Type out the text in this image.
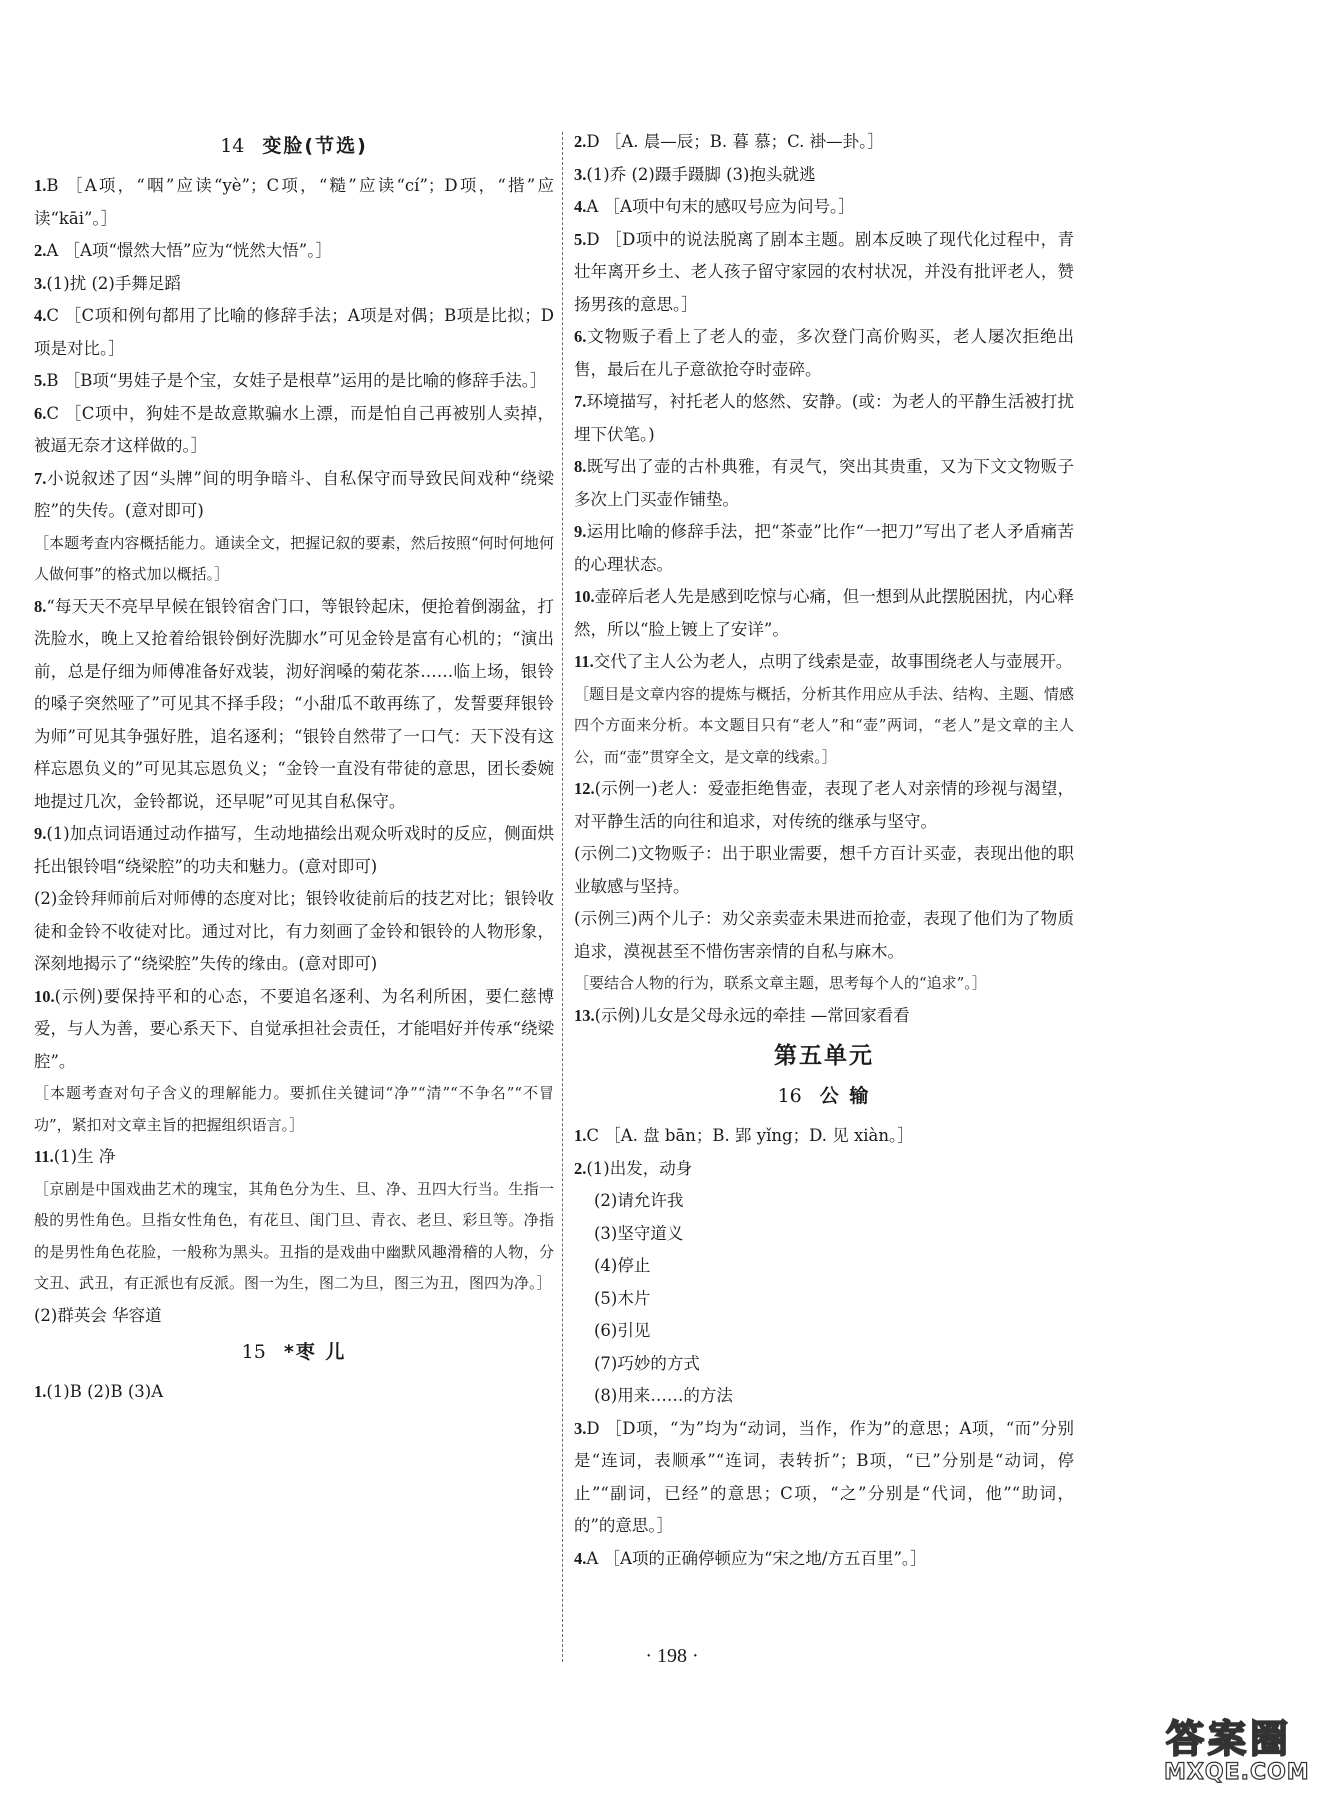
14 变脸(节选)
1.B ［A项，“咽”应读“yè”；C项，“糙”应读“cí”；D项，“揩”应读“kāi”。］
2.A ［A项“憬然大悟”应为“恍然大悟”。］
3.(1)扰 (2)手舞足蹈
4.C ［C项和例句都用了比喻的修辞手法；A项是对偶；B项是比拟；D项是对比。］
5.B ［B项“男娃子是个宝，女娃子是根草”运用的是比喻的修辞手法。］
6.C ［C项中，狗娃不是故意欺骗水上漂，而是怕自己再被别人卖掉，被逼无奈才这样做的。］
7.小说叙述了因“头牌”间的明争暗斗、自私保守而导致民间戏种“绕梁腔”的失传。(意对即可)
［本题考查内容概括能力。通读全文，把握记叙的要素，然后按照“何时何地何人做何事”的格式加以概括。］
8.“每天天不亮早早候在银铃宿舍门口，等银铃起床，便抢着倒溺盆，打洗脸水，晚上又抢着给银铃倒好洗脚水”可见金铃是富有心机的；“演出前，总是仔细为师傅准备好戏装，沏好润嗓的菊花茶……临上场，银铃的嗓子突然哑了”可见其不择手段；“小甜瓜不敢再练了，发誓要拜银铃为师”可见其争强好胜，追名逐利；“银铃自然带了一口气：天下没有这样忘恩负义的”可见其忘恩负义；“金铃一直没有带徒的意思，团长委婉地提过几次，金铃都说，还早呢”可见其自私保守。
9.(1)加点词语通过动作描写，生动地描绘出观众听戏时的反应，侧面烘托出银铃唱“绕梁腔”的功夫和魅力。(意对即可)
(2)金铃拜师前后对师傅的态度对比；银铃收徒前后的技艺对比；银铃收徒和金铃不收徒对比。通过对比，有力刻画了金铃和银铃的人物形象，深刻地揭示了“绕梁腔”失传的缘由。(意对即可)
10.(示例)要保持平和的心态，不要追名逐利、为名利所困，要仁慈博爱，与人为善，要心系天下、自觉承担社会责任，才能唱好并传承“绕梁腔”。
［本题考查对句子含义的理解能力。要抓住关键词“净”“清”“不争名”“不冒功”，紧扣对文章主旨的把握组织语言。］
11.(1)生 净
［京剧是中国戏曲艺术的瑰宝，其角色分为生、旦、净、丑四大行当。生指一般的男性角色。旦指女性角色，有花旦、闺门旦、青衣、老旦、彩旦等。净指的是男性角色花脸，一般称为黑头。丑指的是戏曲中幽默风趣滑稽的人物，分文丑、武丑，有正派也有反派。图一为生，图二为旦，图三为丑，图四为净。］
(2)群英会 华容道
15 *枣 儿
1.(1)B (2)B (3)A
2.D ［A. 晨—辰；B. 暮 慕；C. 褂—卦。］
3.(1)乔 (2)蹑手蹑脚 (3)抱头就逃
4.A ［A项中句末的感叹号应为问号。］
5.D ［D项中的说法脱离了剧本主题。剧本反映了现代化过程中，青壮年离开乡土、老人孩子留守家园的农村状况，并没有批评老人，赞扬男孩的意思。］
6.文物贩子看上了老人的壶，多次登门高价购买，老人屡次拒绝出售，最后在儿子意欲抢夺时壶碎。
7.环境描写，衬托老人的悠然、安静。(或：为老人的平静生活被打扰埋下伏笔。)
8.既写出了壶的古朴典雅，有灵气，突出其贵重，又为下文文物贩子多次上门买壶作铺垫。
9.运用比喻的修辞手法，把“茶壶”比作“一把刀”写出了老人矛盾痛苦的心理状态。
10.壶碎后老人先是感到吃惊与心痛，但一想到从此摆脱困扰，内心释然，所以“脸上镀上了安详”。
11.交代了主人公为老人，点明了线索是壶，故事围绕老人与壶展开。
［题目是文章内容的提炼与概括，分析其作用应从手法、结构、主题、情感四个方面来分析。本文题目只有“老人”和“壶”两词，“老人”是文章的主人公，而“壶”贯穿全文，是文章的线索。］
12.(示例一)老人：爱壶拒绝售壶，表现了老人对亲情的珍视与渴望，对平静生活的向往和追求，对传统的继承与坚守。
(示例二)文物贩子：出于职业需要，想千方百计买壶，表现出他的职业敏感与坚持。
(示例三)两个儿子：劝父亲卖壶未果进而抢壶，表现了他们为了物质追求，漠视甚至不惜伤害亲情的自私与麻木。
［要结合人物的行为，联系文章主题，思考每个人的“追求”。］
13.(示例)儿女是父母永远的牵挂 —常回家看看
第五单元
16 公 输
1.C ［A. 盘 bān；B. 郢 yǐng；D. 见 xiàn。］
2.(1)出发，动身
(2)请允许我
(3)坚守道义
(4)停止
(5)木片
(6)引见
(7)巧妙的方式
(8)用来……的方法
3.D ［D项，“为”均为“动词，当作，作为”的意思；A项，“而”分别是“连词，表顺承”“连词，表转折”；B项，“已”分别是“动词，停止”“副词，已经”的意思；C项，“之”分别是“代词，他”“助词，的”的意思。］
4.A ［A项的正确停顿应为“宋之地/方五百里”。］
· 198 ·
答案圈
MXQE.COM
